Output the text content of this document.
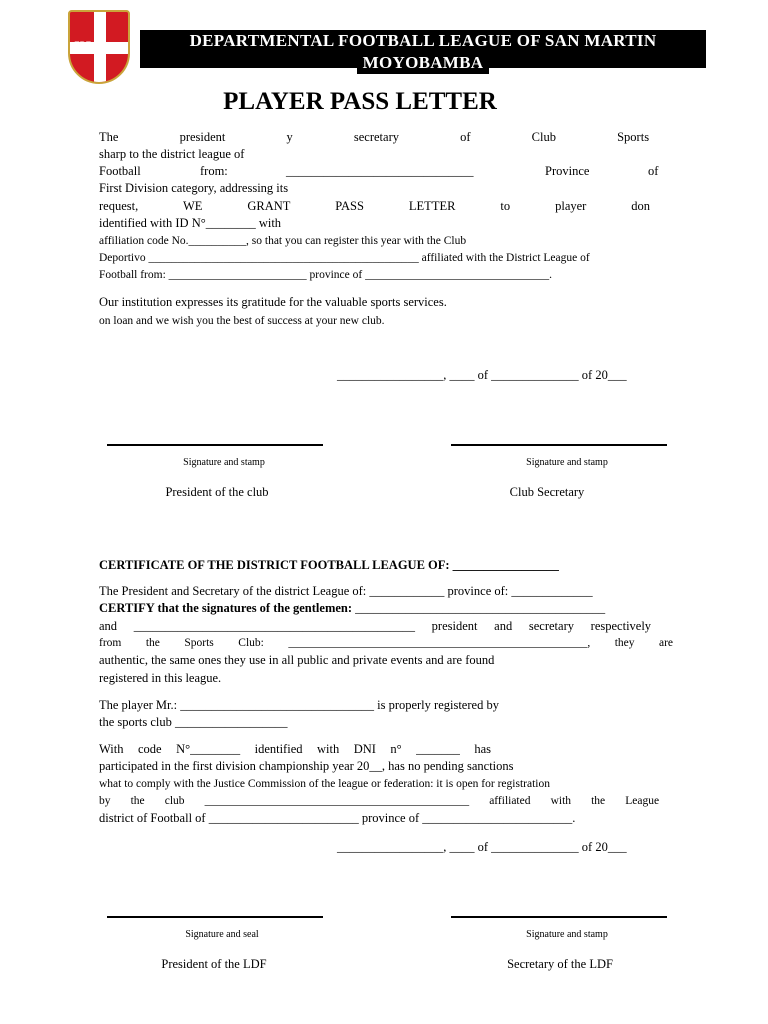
FPF	DEPARTMENTAL FOOTBALL LEAGUE OF SAN MARTIN
MOYOBAMBA
PLAYER PASS LETTER
The	president	y	secretary	of	Club	Sports
sharp to the district league of
Football	from:	______________________________	Province	of
First Division category, addressing its
request,	WE	GRANT	PASS	LETTER	to	player	don
identified with ID N°________ with
affiliation code No.__________, so that you can register this year with the Club
Deportivo _______________________________________________ affiliated with the District League of
Football from: ________________________ province of ________________________________.
Our institution expresses its gratitude for the valuable sports services.
on loan and we wish you the best of success at your new club.
_________________, ____ of ______________ of 20___
Signature and stamp	Signature and stamp
President of the club	Club Secretary
CERTIFICATE OF THE DISTRICT FOOTBALL LEAGUE OF: _________________
The President and Secretary of the district League of: ____________ province of: _____________
CERTIFY that the signatures of the gentlemen: ________________________________________
and _____________________________________________ president and secretary respectively
from the Sports Club: ____________________________________________________, they are
authentic, the same ones they use in all public and private events and are found
registered in this league.
The player Mr.: _______________________________ is properly registered by
the sports club __________________
With code N°________ identified with DNI n° _______ has
participated in the first division championship year 20__, has no pending sanctions
what to comply with the Justice Commission of the league or federation: it is open for registration
by the club ______________________________________________ affiliated with the League
district of Football of ________________________ province of ________________________.
_________________, ____ of ______________ of 20___
Signature and seal	Signature and stamp
President of the LDF	Secretary of the LDF
